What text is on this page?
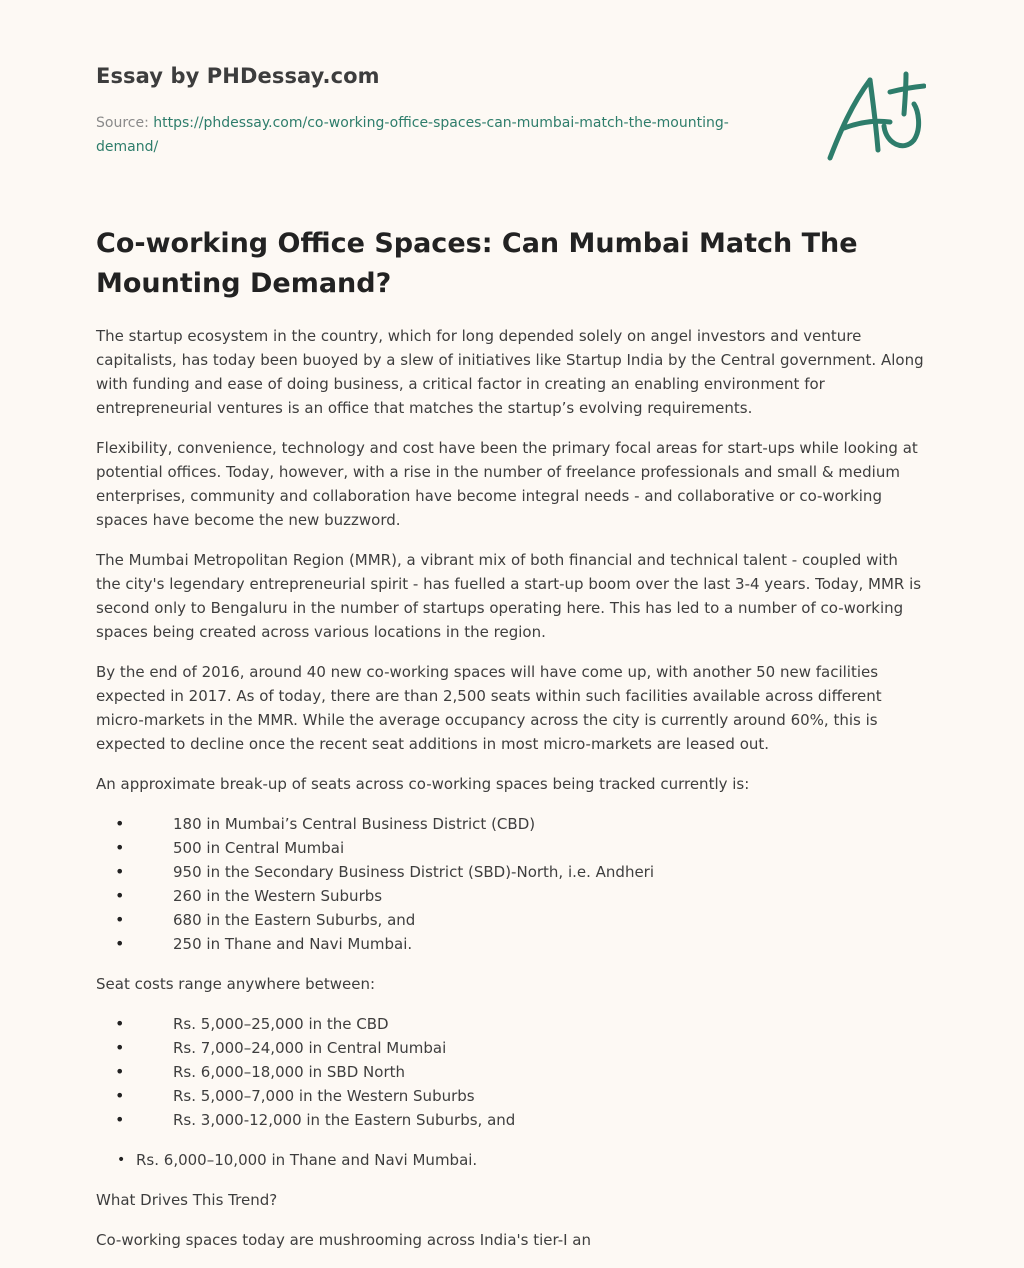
Essay by PHDessay.com
Source: https://phdessay.com/co-working-office-spaces-can-mumbai-match-the-mounting-demand/
Co-working Office Spaces: Can Mumbai Match The Mounting Demand?

The startup ecosystem in the country, which for long depended solely on angel investors and venture capitalists, has today been buoyed by a slew of initiatives like Startup India by the Central government. Along with funding and ease of doing business, a critical factor in creating an enabling environment for entrepreneurial ventures is an office that matches the startup’s evolving requirements.

Flexibility, convenience, technology and cost have been the primary focal areas for start-ups while looking at potential offices. Today, however, with a rise in the number of freelance professionals and small & medium enterprises, community and collaboration have become integral needs - and collaborative or co-working spaces have become the new buzzword.

The Mumbai Metropolitan Region (MMR), a vibrant mix of both financial and technical talent - coupled with the city's legendary entrepreneurial spirit - has fuelled a start-up boom over the last 3-4 years. Today, MMR is second only to Bengaluru in the number of startups operating here. This has led to a number of co-working spaces being created across various locations in the region.

By the end of 2016, around 40 new co-working spaces will have come up, with another 50 new facilities expected in 2017. As of today, there are than 2,500 seats within such facilities available across different micro-markets in the MMR. While the average occupancy across the city is currently around 60%, this is expected to decline once the recent seat additions in most micro-markets are leased out.

An approximate break-up of seats across co-working spaces being tracked currently is:

• 180 in Mumbai’s Central Business District (CBD)
• 500 in Central Mumbai
• 950 in the Secondary Business District (SBD)-North, i.e. Andheri
• 260 in the Western Suburbs
• 680 in the Eastern Suburbs, and
• 250 in Thane and Navi Mumbai.

Seat costs range anywhere between:

• Rs. 5,000–25,000 in the CBD
• Rs. 7,000–24,000 in Central Mumbai
• Rs. 6,000–18,000 in SBD North
• Rs. 5,000–7,000 in the Western Suburbs
• Rs. 3,000-12,000 in the Eastern Suburbs, and
• Rs. 6,000–10,000 in Thane and Navi Mumbai.

What Drives This Trend?

Co-working spaces today are mushrooming across India's tier-I an
